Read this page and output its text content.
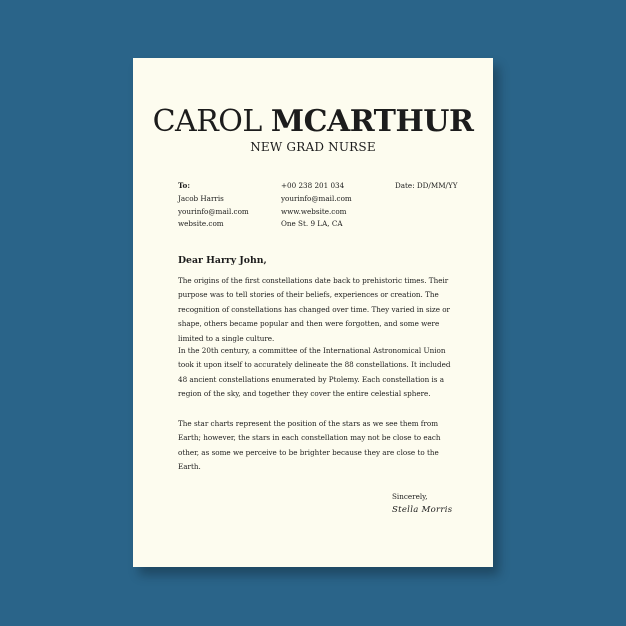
CAROL MCARTHUR
NEW GRAD NURSE
To:
Jacob Harris
yourinfo@mail.com
website.com
+00 238 201 034
yourinfo@mail.com
www.website.com
One St. 9 LA, CA
Date: DD/MM/YY
Dear Harry John,
The origins of the first constellations date back to prehistoric times. Their purpose was to tell stories of their beliefs, experiences or creation. The recognition of constellations has changed over time. They varied in size or shape, others became popular and then were forgotten, and some were limited to a single culture.
In the 20th century, a committee of the International Astronomical Union took it upon itself to accurately delineate the 88 constellations. It included 48 ancient constellations enumerated by Ptolemy. Each constellation is a region of the sky, and together they cover the entire celestial sphere.
The star charts represent the position of the stars as we see them from Earth; however, the stars in each constellation may not be close to each other, as some we perceive to be brighter because they are close to the Earth.
Sincerely,
Stella Morris
